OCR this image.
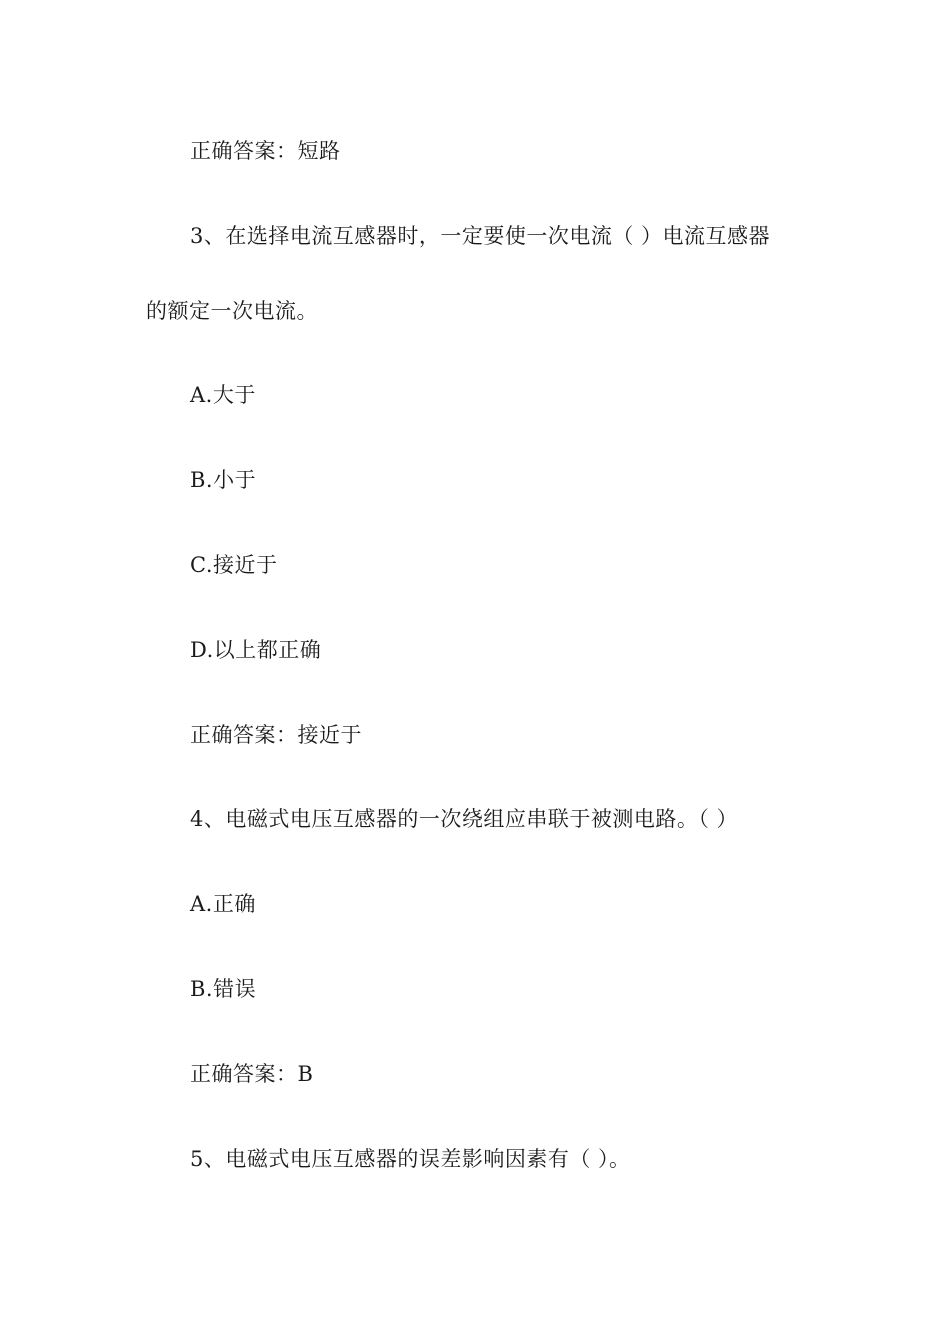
正确答案：短路
3、在选择电流互感器时，一定要使一次电流（ ）电流互感器
的额定一次电流。
A.大于
B.小于
C.接近于
D.以上都正确
正确答案：接近于
4、电磁式电压互感器的一次绕组应串联于被测电路。（ ）
A.正确
B.错误
正确答案：B
5、电磁式电压互感器的误差影响因素有（ ）。
